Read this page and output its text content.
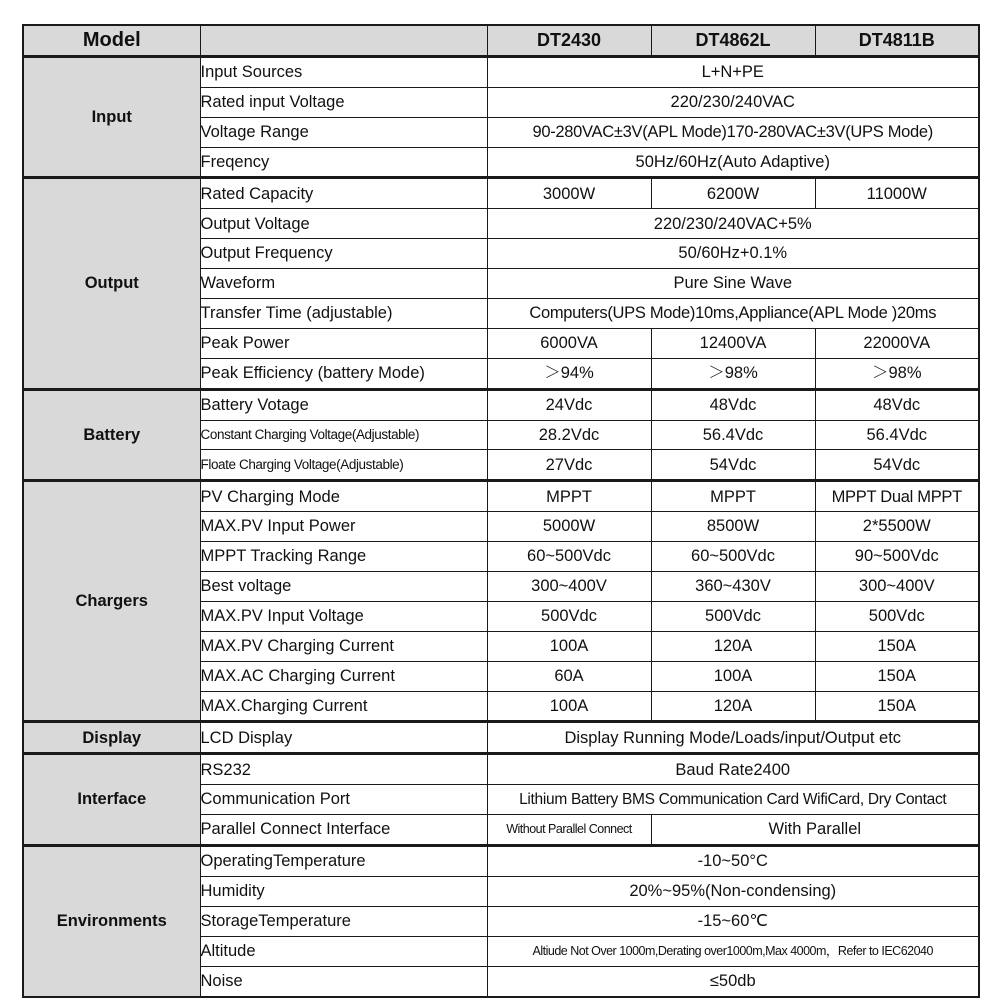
Model		DT2430	DT4862L	DT4811B
Input	Input Sources	L+N+PE		
	Rated input Voltage	220/230/240VAC		
	Voltage Range	90-280VAC±3V(APL Mode)170-280VAC±3V(UPS Mode)		
	Freqency	50Hz/60Hz(Auto Adaptive)		
Output	Rated Capacity	3000W	6200W	11000W
	Output Voltage	220/230/240VAC+5%		
	Output Frequency	50/60Hz+0.1%		
	Waveform	Pure Sine Wave		
	Transfer Time (adjustable)	Computers(UPS Mode)10ms,Appliance(APL Mode )20ms		
	Peak Power	6000VA	12400VA	22000VA
	Peak Efficiency (battery Mode)	＞94%	＞98%	＞98%
Battery	Battery Votage	24Vdc	48Vdc	48Vdc
	Constant Charging Voltage(Adjustable)	28.2Vdc	56.4Vdc	56.4Vdc
	Floate Charging Voltage(Adjustable)	27Vdc	54Vdc	54Vdc
Chargers	PV Charging Mode	MPPT	MPPT	MPPT Dual MPPT
	MAX.PV Input Power	5000W	8500W	2*5500W
	MPPT Tracking Range	60~500Vdc	60~500Vdc	90~500Vdc
	Best voltage	300~400V	360~430V	300~400V
	MAX.PV Input Voltage	500Vdc	500Vdc	500Vdc
	MAX.PV Charging Current	100A	120A	150A
	MAX.AC Charging Current	60A	100A	150A
	MAX.Charging Current	100A	120A	150A
Display	LCD Display	Display Running Mode/Loads/input/Output etc		
Interface	RS232	Baud Rate2400		
	Communication Port	Lithium Battery BMS Communication Card WifiCard, Dry Contact		
	Parallel Connect Interface	Without Parallel Connect	With Parallel	
Environments	OperatingTemperature	-10~50°C		
	Humidity	20%~95%(Non-condensing)		
	StorageTemperature	-15~60℃		
	Altitude	Altiude Not Over 1000m,Derating over1000m,Max 4000m，Refer to IEC62040		
	Noise	≤50db		
